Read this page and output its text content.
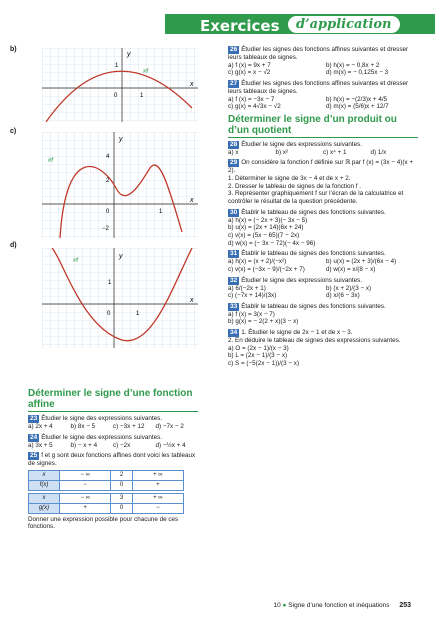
Exercices	d’application
b)
y
x
1
1
0
𝒞f
c)
y
x
4
2
0
−2
1
𝒞f
d)
y
x
1
1
0
𝒞f
Déterminer le signe d’une fonction affine
23 Étudier le signe des expressions suivantes.
a) 2x + 4	b) 8x − 5	c) −3x + 12	d) −7x − 2
24 Étudier le signe des expressions suivantes.
a) 3x + 5	b) − x + 4	c) −2x	d) −½x + 4
25 f et g sont deux fonctions affines dont voici les tableaux de signes.
x	− ∞	2	+ ∞
f(x)	−	0	+
x	− ∞	3	+ ∞
g(x)	+	0	−
Donner une expression possible pour chacune de ces fonctions.
26 Étudier les signes des fonctions affines suivantes et dresser leurs tableaux de signes.
a) f (x) = 9x + 7	b) h(x) = − 0,8x + 2
c) g(x) = x − √2	d) m(x) = − 0,125x − 3
27 Étudier les signes des fonctions affines suivantes et dresser leurs tableaux de signes.
a) f (x) = −3x − 7	b) h(x) = −(2/3)x + 4/5
c) g(x) = 4√3x − √2	d) m(x) = (5/6)x + 12/7
Déterminer le signe d’un produit ou d’un quotient
28 Étudier le signe des expressions suivantes.
a) x	b) x²	c) x⁴ + 1	d) 1/x
29 On considère la fonction f définie sur ℝ par f (x) = (3x − 4)(x + 2).
1. Déterminer le signe de 3x − 4 et de x + 2.
2. Dresser le tableau de signes de la fonction f .
3. Représenter graphiquement f sur l’écran de la calculatrice et contrôler le résultat de la question précédente.
30 Établir le tableau de signes des fonctions suivantes.
a) h(x) = (− 2x + 3)(− 3x − 5)
b) u(x) = (2x + 14)(6x + 24)
c) v(x) = (5x − 65)(7 − 2x)
d) w(x) = (− 3x − 72)(− 4x − 96)
31 Établir le tableau de signes des fonctions suivantes.
a) h(x) = (x + 2)/(−x²)	b) u(x) = (2x + 3)/(6x − 4)
c) v(x) = (−3x − 9)/(−2x + 7)	d) w(x) = x/(8 − x)
32 Étudier le signe des expressions suivantes.
a) 6/(−2x + 1)	b) (x + 2)/(3 − x)
c) (−7x + 14)/(3x)	d) x/(6 − 3x)
33 Établir le tableau de signes des fonctions suivantes.
a) f (x) = 3(x − 7)
b) g(x) = − 2(2 + x)(3 − x)
34 1. Étudier le signe de 2x − 1 et de x − 3.
2. En déduire le tableau de signes des expressions suivantes.
a) O = (2x − 1)/(x − 3)
b) L = (2x − 1)/(3 − x)
c) S = (−5(2x − 1))/(3 − x)
10 ● Signe d’une fonction et inéquations 253
